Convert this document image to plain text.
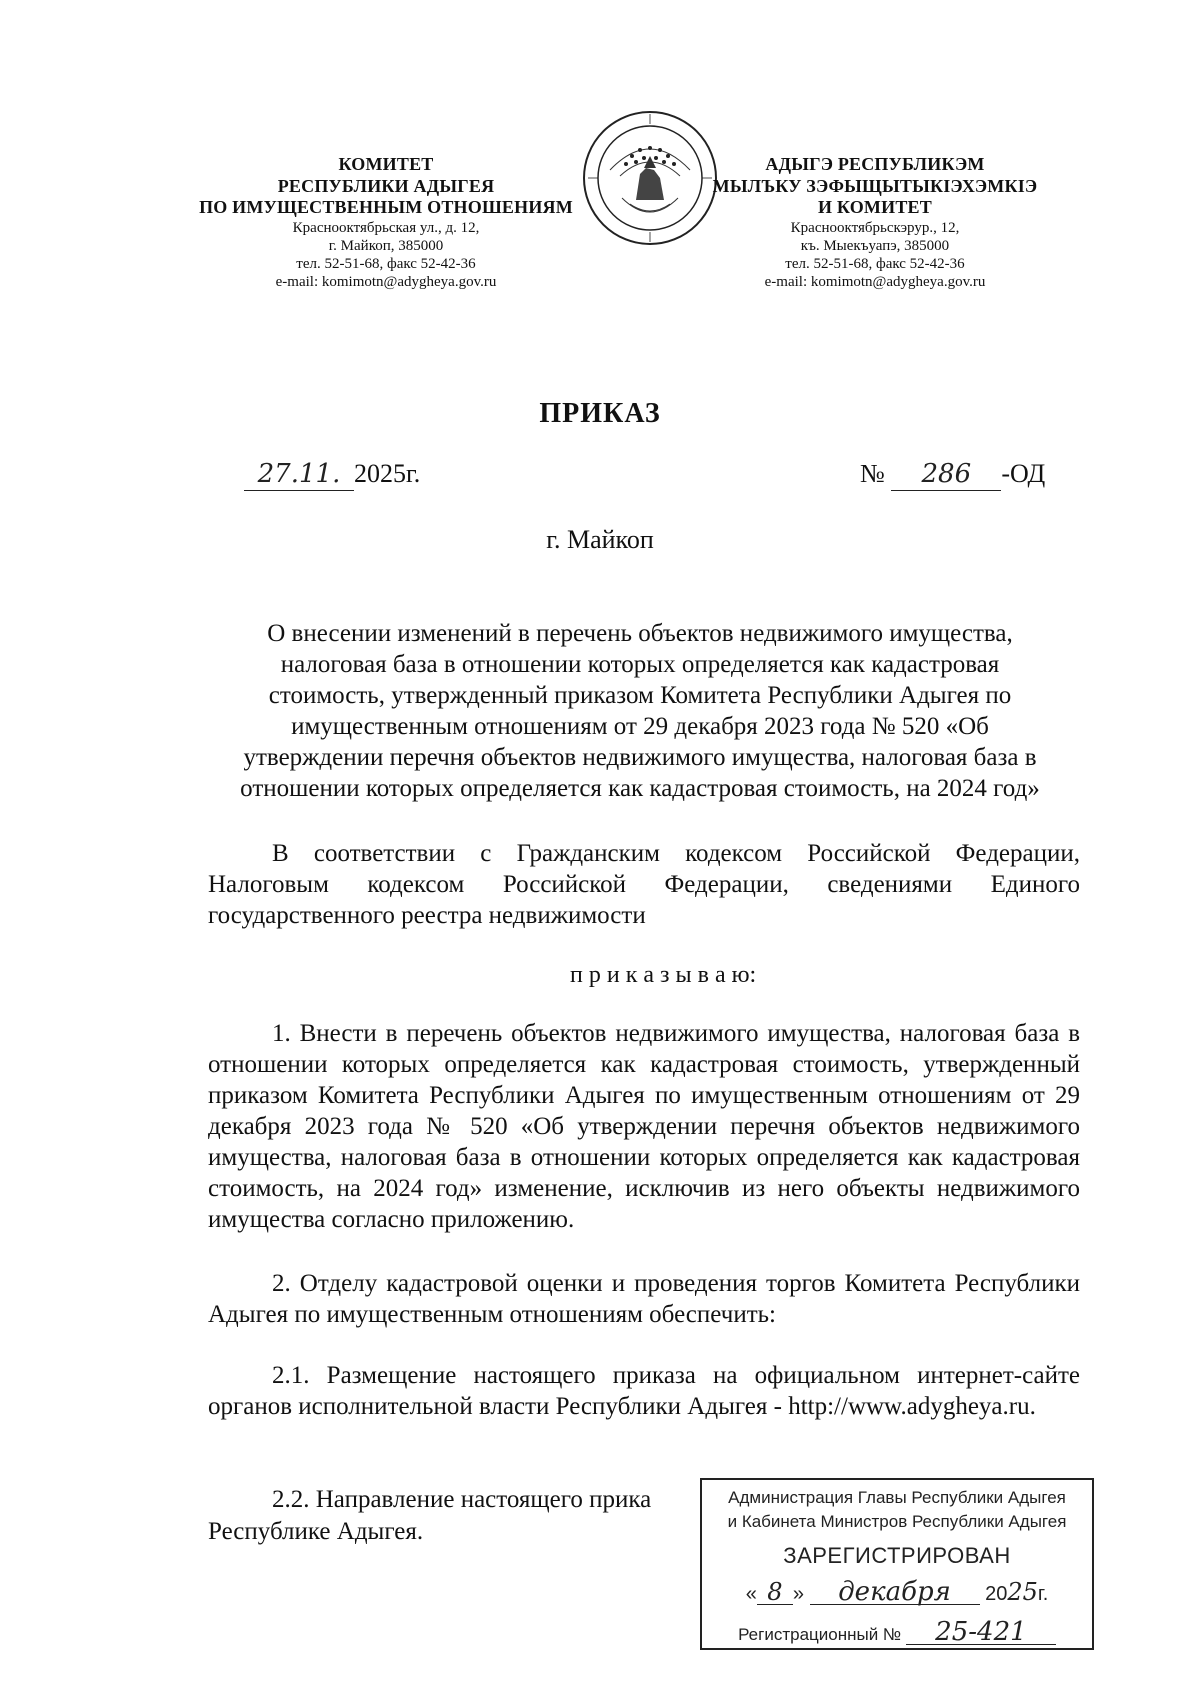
КОМИТЕТ
РЕСПУБЛИКИ АДЫГЕЯ
ПО ИМУЩЕСТВЕННЫМ ОТНОШЕНИЯМ
Краснооктябрьская ул., д. 12,
г. Майкоп, 385000
тел. 52-51-68, факс 52-42-36
e-mail: komimotn@adygheya.gov.ru
АДЫГЭ РЕСПУБЛИКЭМ
МЫЛЪКУ ЗЭФЫЩЫТЫКIЭХЭМКIЭ
И КОМИТЕТ
Краснооктябрьскэрур., 12,
къ. Мыекъуапэ, 385000
тел. 52-51-68, факс 52-42-36
e-mail: komimotn@adygheya.gov.ru
ПРИКАЗ
27.11. 2025г.	№ 286 -ОД
г. Майкоп
О внесении изменений в перечень объектов недвижимого имущества,
налоговая база в отношении которых определяется как кадастровая
стоимость, утвержденный приказом Комитета Республики Адыгея по
имущественным отношениям от 29 декабря 2023 года № 520 «Об
утверждении перечня объектов недвижимого имущества, налоговая база в
отношении которых определяется как кадастровая стоимость, на 2024 год»
В соответствии с Гражданским кодексом Российской Федерации, Налоговым кодексом Российской Федерации, сведениями Единого государственного реестра недвижимости
п р и к а з ы в а ю:
1. Внести в перечень объектов недвижимого имущества, налоговая база в отношении которых определяется как кадастровая стоимость, утвержденный приказом Комитета Республики Адыгея по имущественным отношениям от 29 декабря 2023 года № 520 «Об утверждении перечня объектов недвижимого имущества, налоговая база в отношении которых определяется как кадастровая стоимость, на 2024 год» изменение, исключив из него объекты недвижимого имущества согласно приложению.
2. Отделу кадастровой оценки и проведения торгов Комитета Республики Адыгея по имущественным отношениям обеспечить:
2.1. Размещение настоящего приказа на официальном интернет-сайте органов исполнительной власти Республики Адыгея - http://www.adygheya.ru.
2.2. Направление настоящего прика
Республике Адыгея.
Администрация Главы Республики Адыгея
и Кабинета Министров Республики Адыгея
ЗАРЕГИСТРИРОВАН
« 8 » декабря 2025г.
Регистрационный № 25-421
